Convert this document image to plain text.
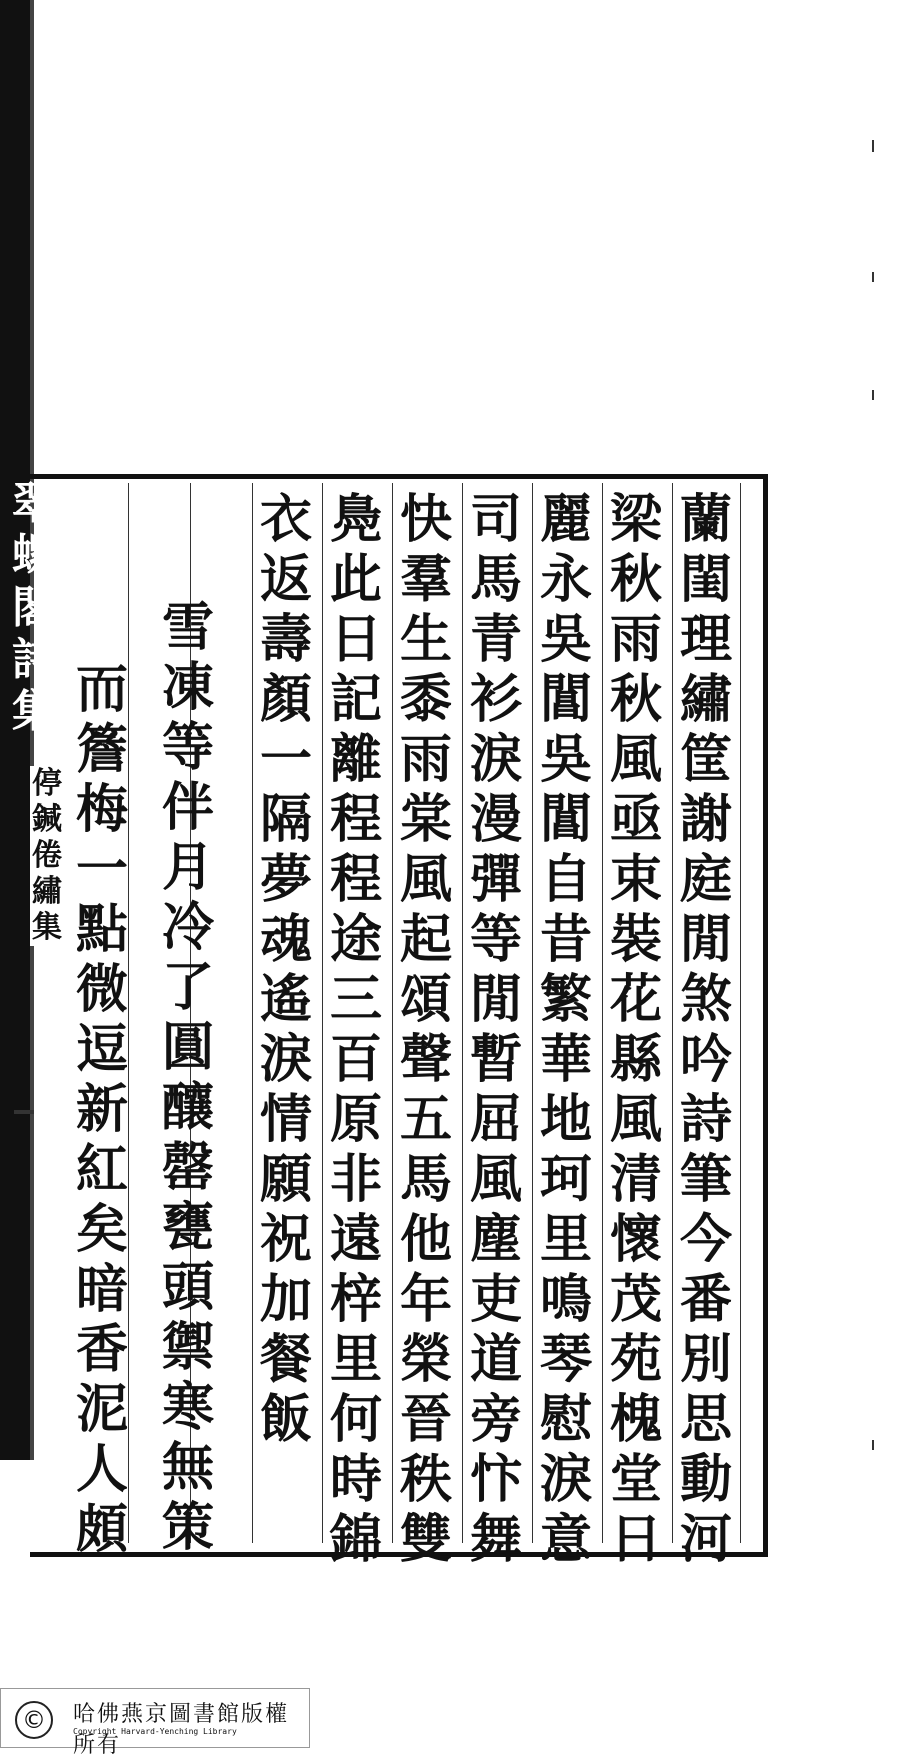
蘭
閨
理
繡
筐
謝
庭
閒
煞
吟
詩
筆
今
番
別
思
動
河
梁
秋
雨
秋
風
亟
束
裝
花
縣
風
清
懷
茂
苑
槐
堂
日
麗
永
吳
閶
吳
閶
自
昔
繁
華
地
珂
里
鳴
琴
慰
淚
意
司
馬
青
衫
淚
漫
彈
等
閒
暫
屈
風
塵
吏
道
旁
忭
舞
快
羣
生
黍
雨
棠
風
起
頌
聲
五
馬
他
年
榮
晉
秩
雙
鳧
此
日
記
離
程
程
途
三
百
原
非
遠
梓
里
何
時
錦
衣
返
壽
顏
一
隔
夢
魂
遙
淚
情
願
祝
加
餐
飯
雪
凍
等
伴
月
冷
了
圓
釀
罄
甕
頭
禦
寒
無
策
而
簷
梅
一
點
微
逗
新
紅
矣
暗
香
泥
人
頗
翠
螺
閣
詩
集
停
鍼
倦
繡
集
©	哈佛燕京圖書館版權所有
Copyright Harvard-Yenching Library
